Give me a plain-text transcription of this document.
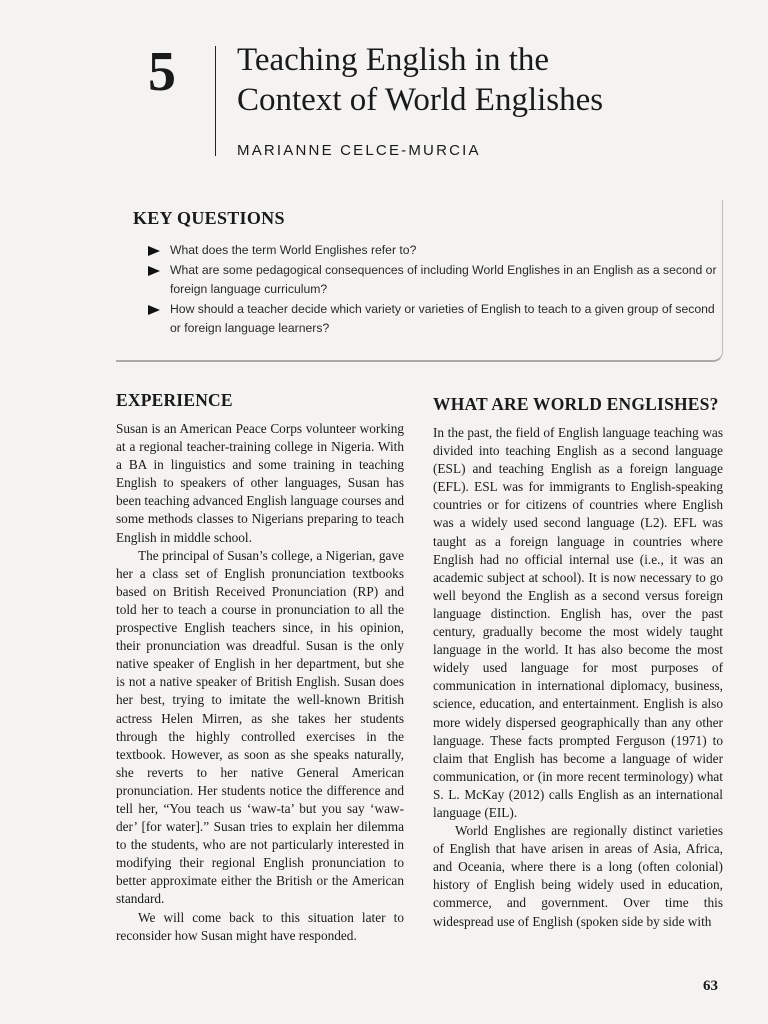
5 Teaching English in the
Context of World Englishes

MARIANNE CELCE-MURCIA

KEY QUESTIONS
What does the term World Englishes refer to?
What are some pedagogical consequences of including World Englishes in an English as a second or foreign language curriculum?
How should a teacher decide which variety or varieties of English to teach to a given group of second or foreign language learners?
EXPERIENCE

Susan is an American Peace Corps volunteer working at a regional teacher-training college in Nigeria. With a BA in linguistics and some training in teaching English to speakers of other languages, Susan has been teaching advanced English language courses and some methods classes to Nigerians preparing to teach English in middle school.

The principal of Susan’s college, a Nigerian, gave her a class set of English pronunciation textbooks based on British Received Pronunciation (RP) and told her to teach a course in pronunciation to all the prospective English teachers since, in his opinion, their pronunciation was dreadful. Susan is the only native speaker of English in her department, but she is not a native speaker of British English. Susan does her best, trying to imitate the well-known British actress Helen Mirren, as she takes her students through the highly controlled exercises in the textbook. However, as soon as she speaks naturally, she reverts to her native General American pronunciation. Her students notice the difference and tell her, “You teach us ‘waw-ta’ but you say ‘waw-der’ [for water].” Susan tries to explain her dilemma to the students, who are not particularly interested in modifying their regional English pronunciation to better approximate either the British or the American standard.

We will come back to this situation later to reconsider how Susan might have responded.

WHAT ARE WORLD ENGLISHES?

In the past, the field of English language teaching was divided into teaching English as a second language (ESL) and teaching English as a foreign language (EFL). ESL was for immigrants to English-speaking countries or for citizens of countries where English was a widely used second language (L2). EFL was taught as a foreign language in countries where English had no official internal use (i.e., it was an academic subject at school). It is now necessary to go well beyond the English as a second versus foreign language distinction. English has, over the past century, gradually become the most widely taught language in the world. It has also become the most widely used language for most purposes of communication in international diplomacy, business, science, education, and entertainment. English is also more widely dispersed geographically than any other language. These facts prompted Ferguson (1971) to claim that English has become a language of wider communication, or (in more recent terminology) what S. L. McKay (2012) calls English as an international language (EIL).

World Englishes are regionally distinct varieties of English that have arisen in areas of Asia, Africa, and Oceania, where there is a long (often colonial) history of English being widely used in education, commerce, and government. Over time this widespread use of English (spoken side by side with

63
